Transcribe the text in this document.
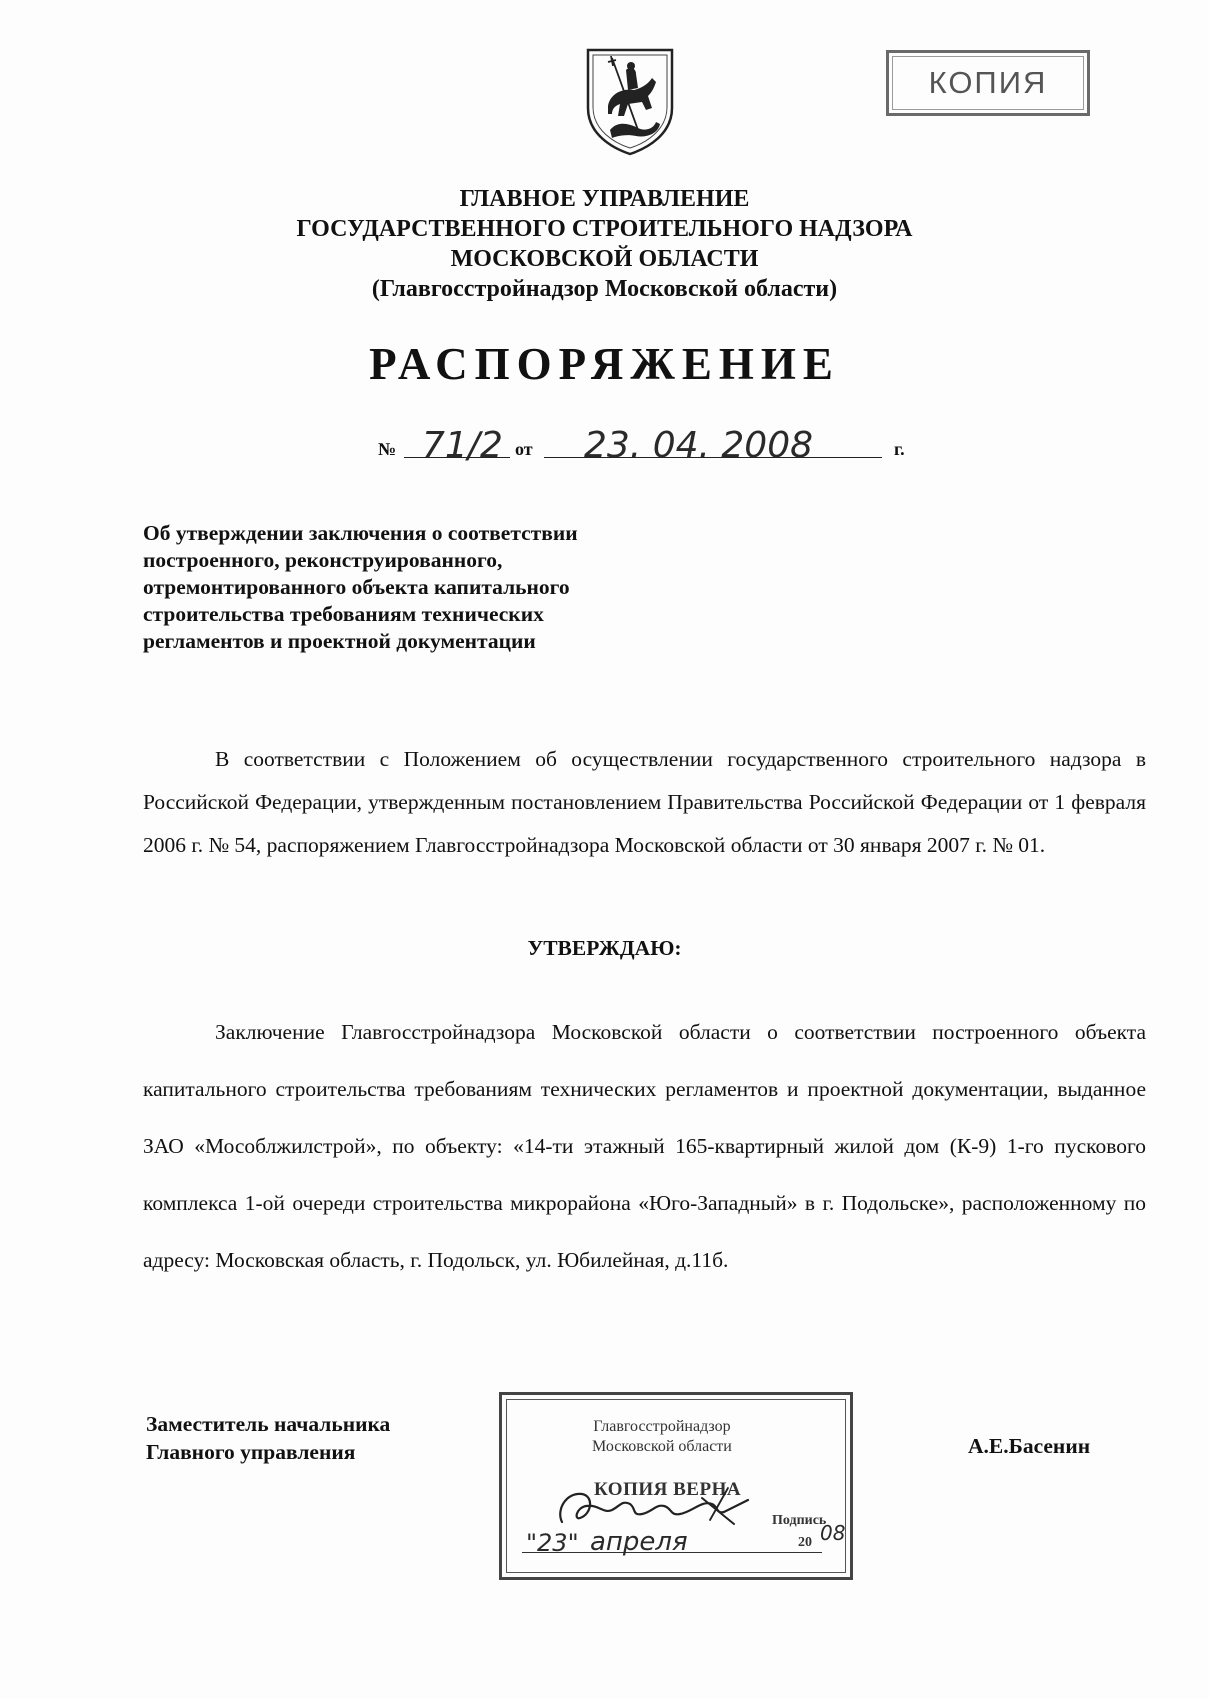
КОПИЯ
ГЛАВНОЕ УПРАВЛЕНИЕ
ГОСУДАРСТВЕННОГО СТРОИТЕЛЬНОГО НАДЗОРА
МОСКОВСКОЙ ОБЛАСТИ
(Главгосстройнадзор Московской области)
РАСПОРЯЖЕНИЕ
№ 71/2 от 23. 04. 2008	г.
Об утверждении заключения о соответствии
построенного, реконструированного,
отремонтированного объекта капитального
строительства требованиям технических
регламентов и проектной документации
В соответствии с Положением об осуществлении государственного строительного надзора в Российской Федерации, утвержденным постановлением Правительства Российской Федерации от 1 февраля 2006 г. № 54, распоряжением Главгосстройнадзора Московской области от 30 января 2007 г. № 01.
УТВЕРЖДАЮ:
Заключение Главгосстройнадзора Московской области о соответствии построенного объекта капитального строительства требованиям технических регламентов и проектной документации, выданное ЗАО «Мособлжилстрой», по объекту: «14-ти этажный 165-квартирный жилой дом (К-9) 1-го пускового комплекса 1-ой очереди строительства микрорайона «Юго-Западный» в г. Подольске», расположенному по адресу: Московская область, г. Подольск, ул. Юбилейная, д.11б.
Заместитель начальника
Главного управления	А.Е.Басенин
Главгосстройнадзор
Московской области
КОПИЯ ВЕРНА
Подпись
"23" апреля	20 08
